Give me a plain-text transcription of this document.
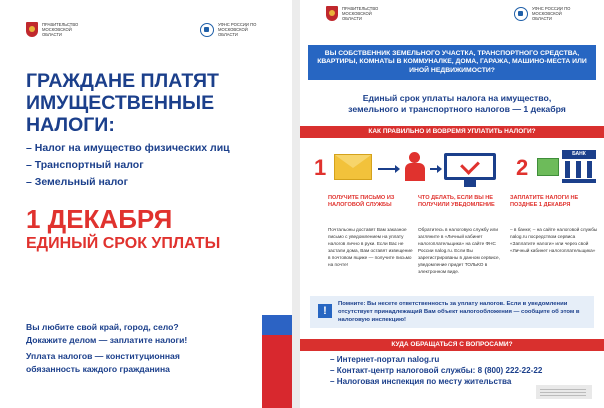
ПРАВИТЕЛЬСТВО МОСКОВСКОЙ ОБЛАСТИ
УФНС РОССИИ ПО МОСКОВСКОЙ ОБЛАСТИ
ГРАЖДАНЕ ПЛАТЯТ ИМУЩЕСТВЕННЫЕ НАЛОГИ:
– Налог на имущество физических лиц
– Транспортный налог
– Земельный налог
1 ДЕКАБРЯ
ЕДИНЫЙ СРОК УПЛАТЫ

Вы любите свой край, город, село?

Докажите делом — заплатите налоги!

Уплата налогов — конституционная

обязанность каждого гражданина

ПРАВИТЕЛЬСТВО МОСКОВСКОЙ ОБЛАСТИ
УФНС РОССИИ ПО МОСКОВСКОЙ ОБЛАСТИ
ВЫ СОБСТВЕННИК ЗЕМЕЛЬНОГО УЧАСТКА, ТРАНСПОРТНОГО СРЕДСТВА, КВАРТИРЫ, КОМНАТЫ В КОММУНАЛКЕ, ДОМА, ГАРАЖА, МАШИНО-МЕСТА ИЛИ ИНОЙ НЕДВИЖИМОСТИ?
Единый срок уплаты налога на имущество, земельного и транспортного налогов — 1 декабря
КАК ПРАВИЛЬНО И ВОВРЕМЯ УПЛАТИТЬ НАЛОГИ?
1	2
БАНК
ПОЛУЧИТЕ ПИСЬМО ИЗ НАЛОГОВОЙ СЛУЖБЫ
Почтальоны доставят Вам заказное письмо с уведомлением на уплату налогов лично в руки. Если Вас не застали дома, Вам оставят извещение в почтовом ящике — получите письмо на почте!
ЧТО ДЕЛАТЬ, ЕСЛИ ВЫ НЕ ПОЛУЧИЛИ УВЕДОМЛЕНИЕ
Обратитесь в налоговую службу или загляните в «Личный кабинет налогоплательщика» на сайте ФНС России nalog.ru. Если Вы зарегистрированы в данном сервисе, уведомление придет ТОЛЬКО в электронном виде.
ЗАПЛАТИТЕ НАЛОГИ НЕ ПОЗДНЕЕ 1 ДЕКАБРЯ
– в банке; – на сайте налоговой службы nalog.ru посредством сервиса «Заплатите налоги» или через свой «Личный кабинет налогоплательщика»
!
Помните: Вы несете ответственность за уплату налогов. Если в уведомлении отсутствует принадлежащий Вам объект налогообложения — сообщите об этом в налоговую инспекцию!
КУДА ОБРАЩАТЬСЯ С ВОПРОСАМИ?
– Интернет-портал nalog.ru
– Контакт-центр налоговой службы: 8 (800) 222-22-22
– Налоговая инспекция по месту жительства
